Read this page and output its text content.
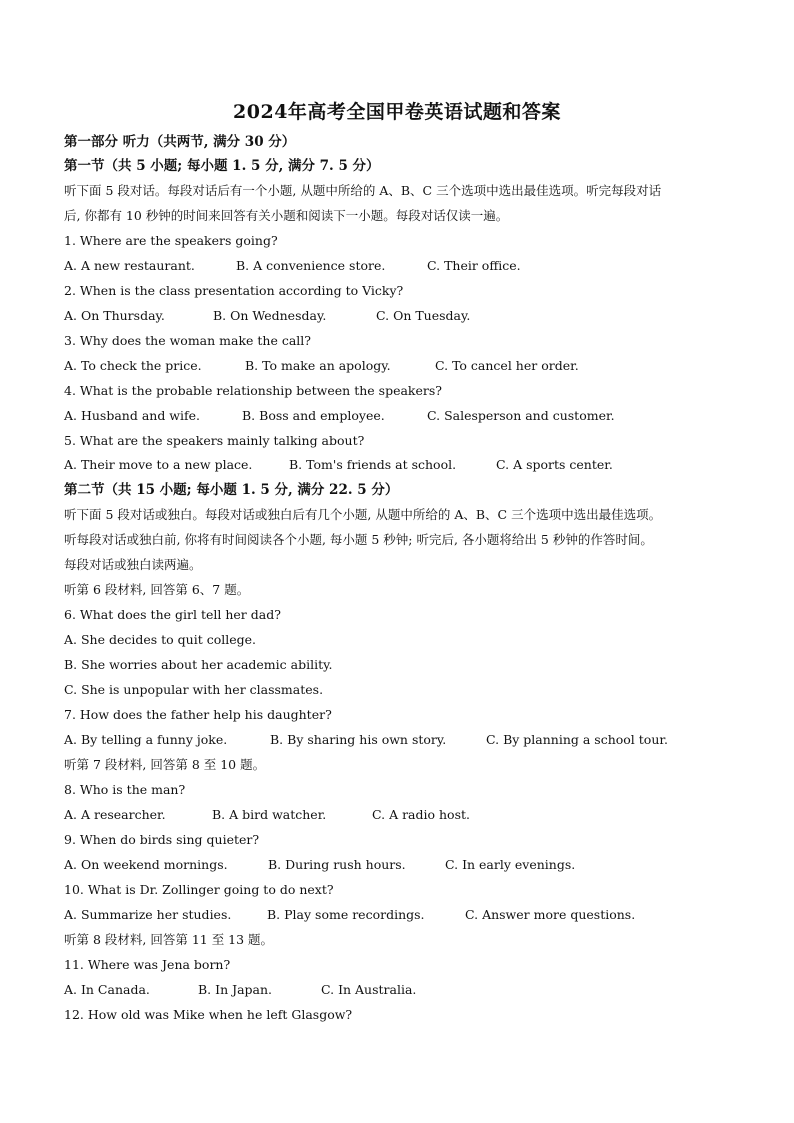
2024年高考全国甲卷英语试题和答案
第一部分 听力（共两节, 满分 30 分）
第一节（共 5 小题; 每小题 1. 5 分, 满分 7. 5 分）
听下面 5 段对话。每段对话后有一个小题, 从题中所给的 A、B、C 三个选项中选出最佳选项。听完每段对话
后, 你都有 10 秒钟的时间来回答有关小题和阅读下一小题。每段对话仅读一遍。
1. Where are the speakers going?
A. A new restaurant.	B. A convenience store.	C. Their office.
2. When is the class presentation according to Vicky?
A. On Thursday.	B. On Wednesday.	C. On Tuesday.
3. Why does the woman make the call?
A. To check the price.	B. To make an apology.	C. To cancel her order.
4. What is the probable relationship between the speakers?
A. Husband and wife.	B. Boss and employee.	C. Salesperson and customer.
5. What are the speakers mainly talking about?
A. Their move to a new place.	B. Tom's friends at school.	C. A sports center.
第二节（共 15 小题; 每小题 1. 5 分, 满分 22. 5 分）
听下面 5 段对话或独白。每段对话或独白后有几个小题, 从题中所给的 A、B、C 三个选项中选出最佳选项。
听每段对话或独白前, 你将有时间阅读各个小题, 每小题 5 秒钟; 听完后, 各小题将给出 5 秒钟的作答时间。
每段对话或独白读两遍。
听第 6 段材料, 回答第 6、7 题。
6. What does the girl tell her dad?
A. She decides to quit college.
B. She worries about her academic ability.
C. She is unpopular with her classmates.
7. How does the father help his daughter?
A. By telling a funny joke.	B. By sharing his own story.	C. By planning a school tour.
听第 7 段材料, 回答第 8 至 10 题。
8. Who is the man?
A. A researcher.	B. A bird watcher.	C. A radio host.
9. When do birds sing quieter?
A. On weekend mornings.	B. During rush hours.	C. In early evenings.
10. What is Dr. Zollinger going to do next?
A. Summarize her studies.	B. Play some recordings.	C. Answer more questions.
听第 8 段材料, 回答第 11 至 13 题。
11. Where was Jena born?
A. In Canada.	B. In Japan.	C. In Australia.
12. How old was Mike when he left Glasgow?
